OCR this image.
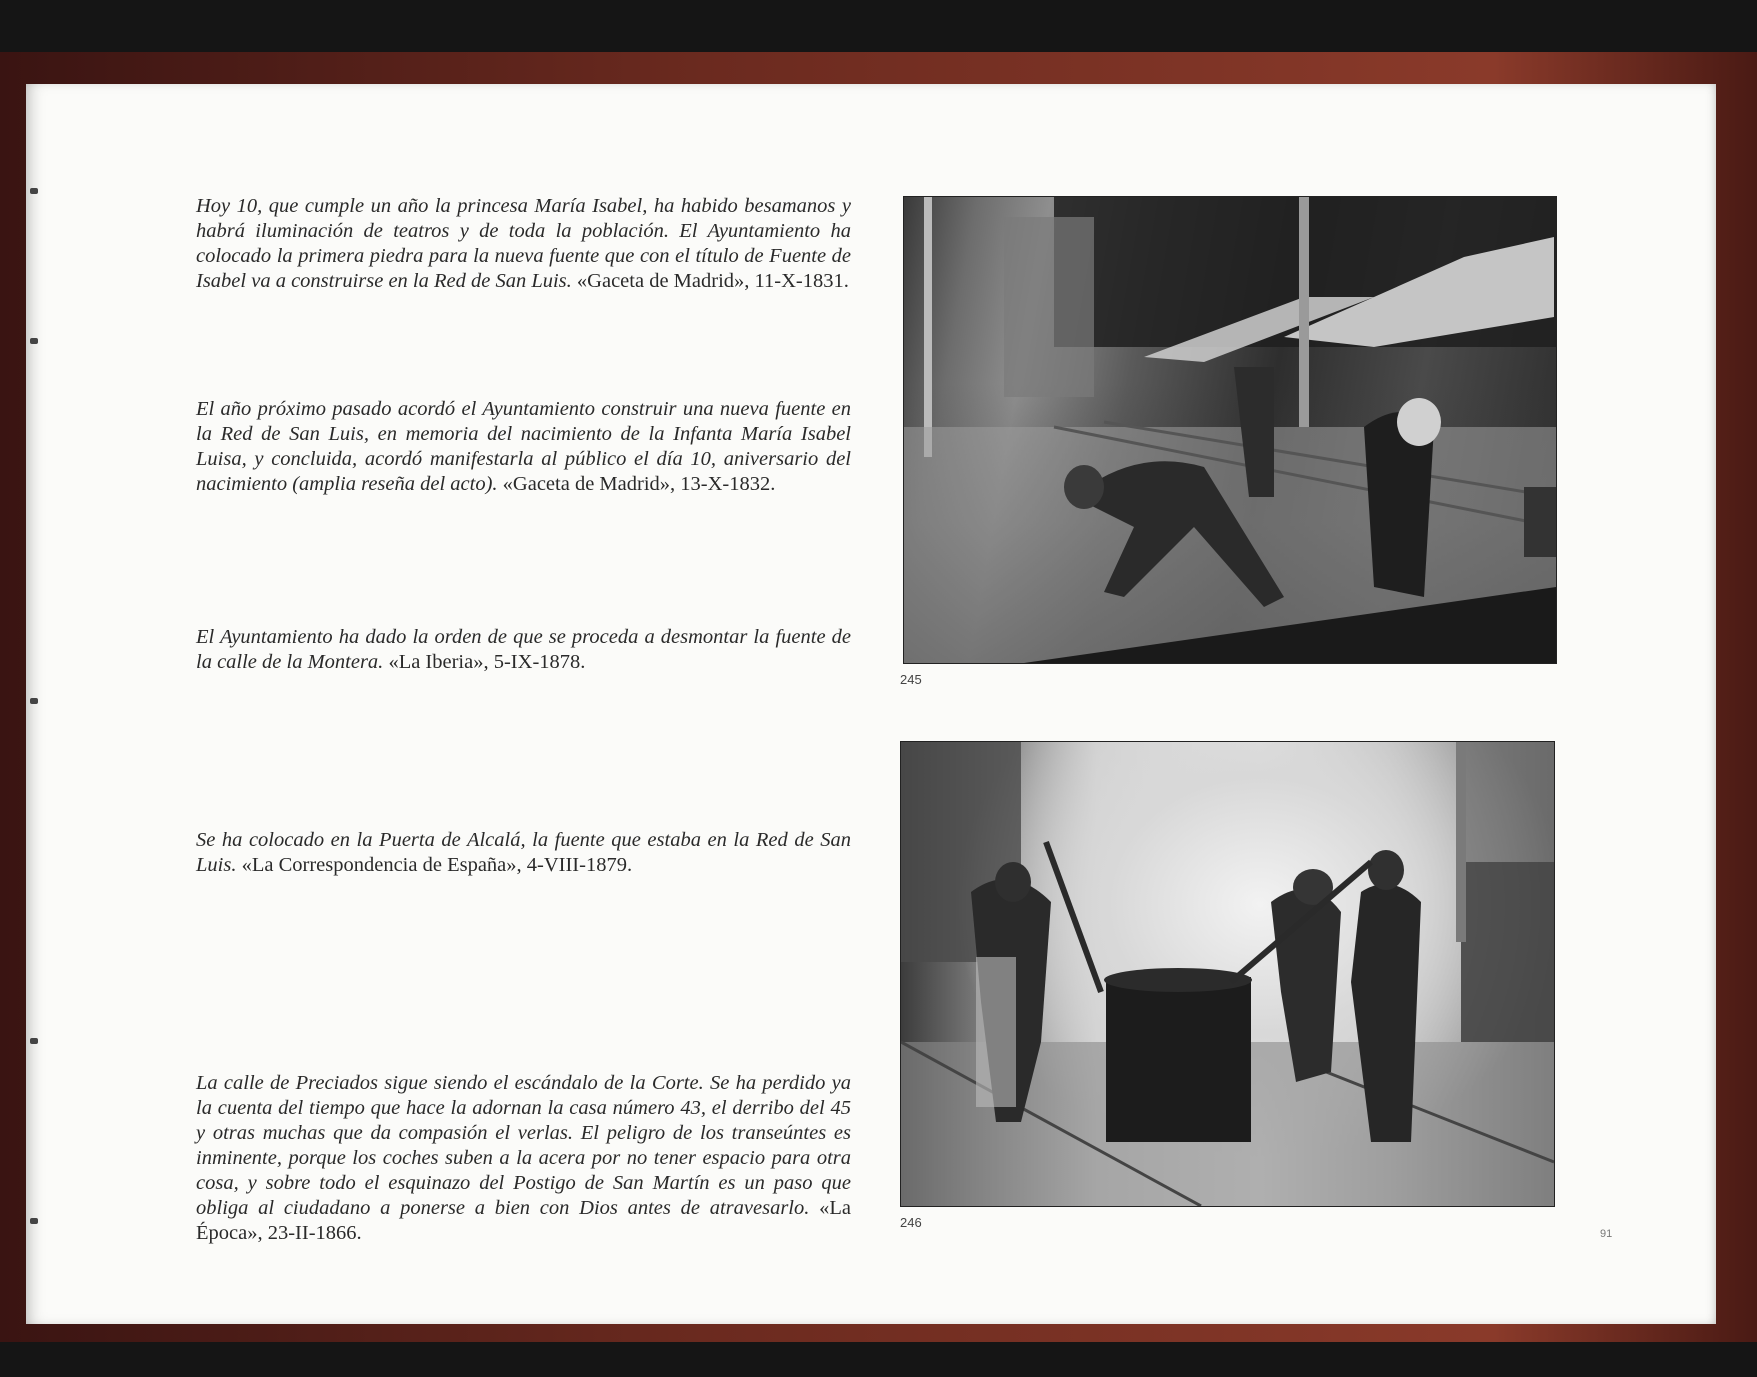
Hoy 10, que cumple un año la princesa María Isabel, ha habido besamanos y habrá iluminación de teatros y de toda la población. El Ayuntamiento ha colocado la primera piedra para la nueva fuente que con el título de Fuente de Isabel va a construirse en la Red de San Luis. «Gaceta de Madrid», 11-X-1831.
El año próximo pasado acordó el Ayuntamiento construir una nueva fuente en la Red de San Luis, en memoria del nacimiento de la Infanta María Isabel Luisa, y concluida, acordó manifestarla al público el día 10, aniversario del nacimiento (amplia reseña del acto). «Gaceta de Madrid», 13-X-1832.
El Ayuntamiento ha dado la orden de que se proceda a desmontar la fuente de la calle de la Montera. «La Iberia», 5-IX-1878.
Se ha colocado en la Puerta de Alcalá, la fuente que estaba en la Red de San Luis. «La Correspondencia de España», 4-VIII-1879.
La calle de Preciados sigue siendo el escándalo de la Corte. Se ha perdido ya la cuenta del tiempo que hace la adornan la casa número 43, el derribo del 45 y otras muchas que da compasión el verlas. El peligro de los transeúntes es inminente, porque los coches suben a la acera por no tener espacio para otra cosa, y sobre todo el esquinazo del Postigo de San Martín es un paso que obliga al ciudadano a ponerse a bien con Dios antes de atravesarlo. «La Época», 23-II-1866.
245
246
91
